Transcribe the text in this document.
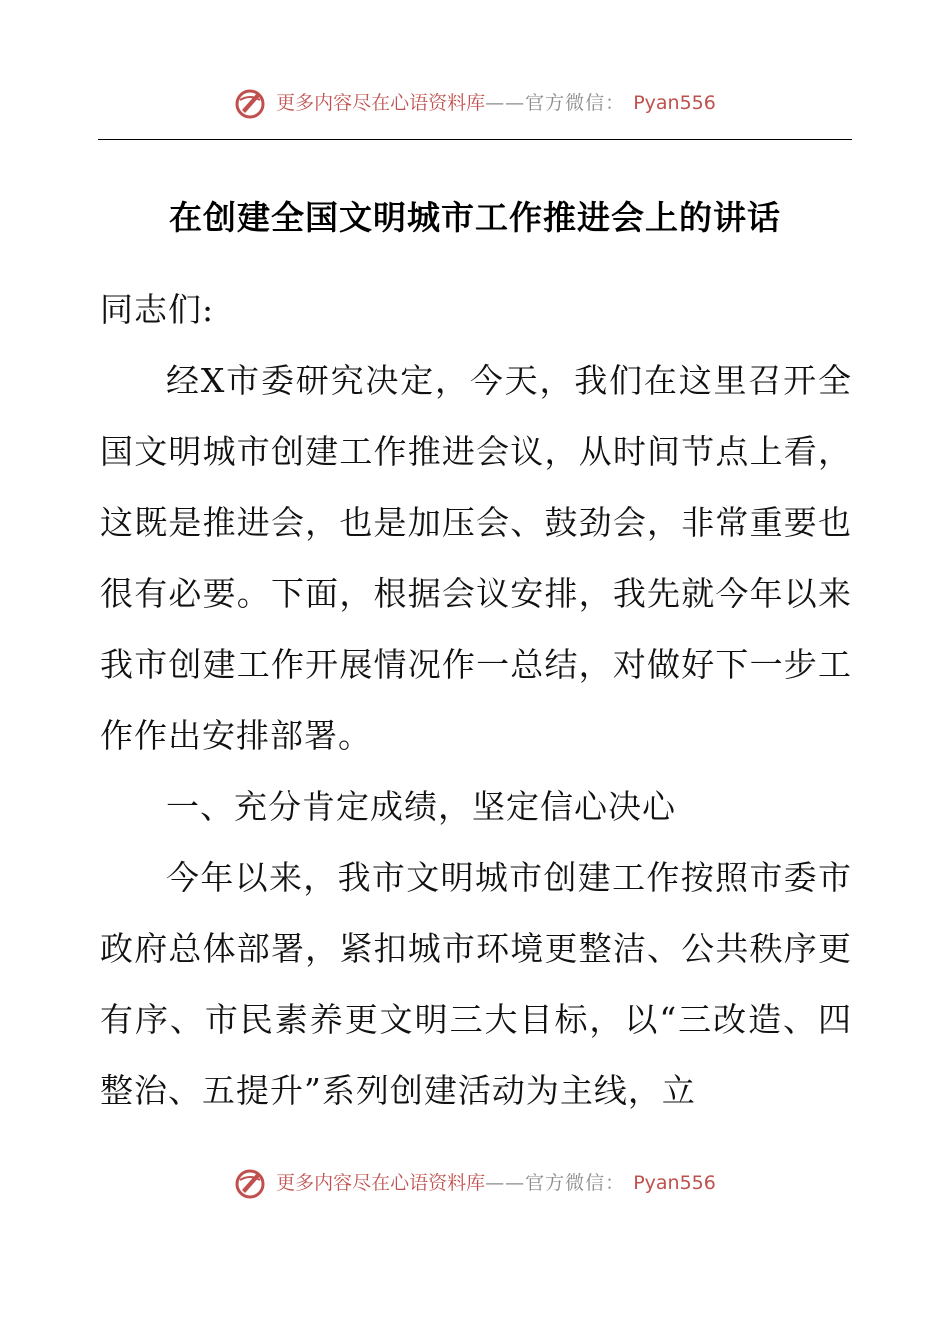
更多内容尽在心语资料库——官方微信： Pyan556
在创建全国文明城市工作推进会上的讲话

同志们:

经X市委研究决定，今天，我们在这里召开全国文明城市创建工作推进会议，从时间节点上看，这既是推进会，也是加压会、鼓劲会，非常重要也很有必要。下面，根据会议安排，我先就今年以来我市创建工作开展情况作一总结，对做好下一步工作作出安排部署。

一、充分肯定成绩，坚定信心决心

今年以来，我市文明城市创建工作按照市委市政府总体部署，紧扣城市环境更整洁、公共秩序更有序、市民素养更文明三大目标，以“三改造、四整治、五提升”系列创建活动为主线，立

更多内容尽在心语资料库——官方微信： Pyan556
